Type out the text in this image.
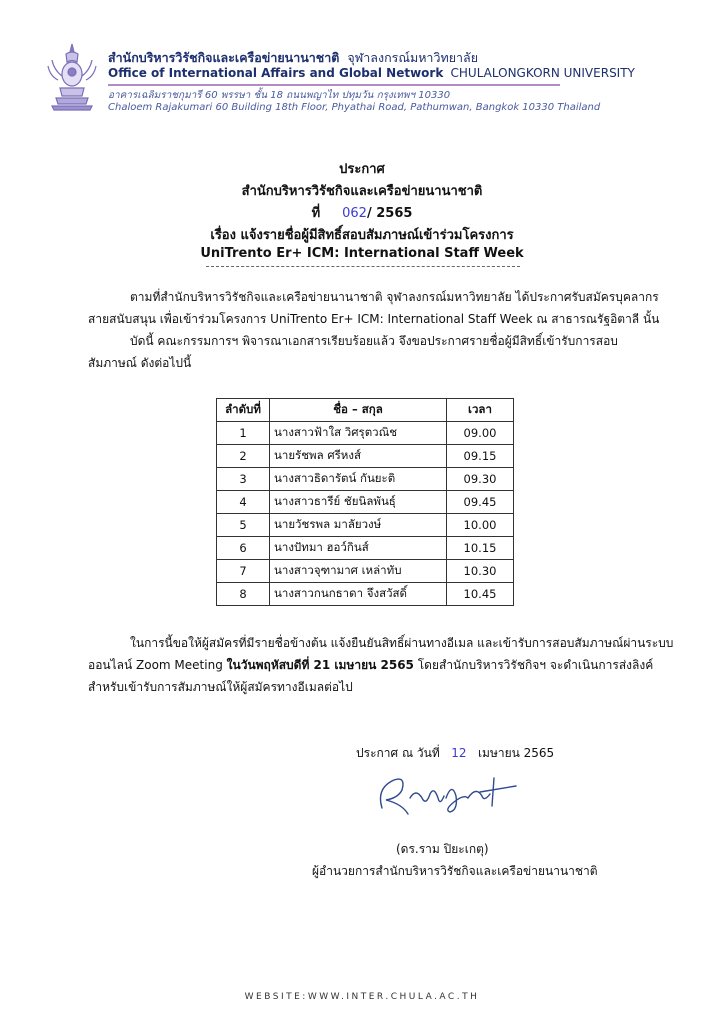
สำนักบริหารวิรัชกิจและเครือข่ายนานาชาติ จุฬาลงกรณ์มหาวิทยาลัย
Office of International Affairs and Global Network CHULALONGKORN UNIVERSITY
อาคารเฉลิมราชกุมารี 60 พรรษา ชั้น 18 ถนนพญาไท ปทุมวัน กรุงเทพฯ 10330
Chaloem Rajakumari 60 Building 18th Floor, Phyathai Road, Pathumwan, Bangkok 10330 Thailand
ประกาศ
สำนักบริหารวิรัชกิจและเครือข่ายนานาชาติ
ที่ 062/ 2565
เรื่อง แจ้งรายชื่อผู้มีสิทธิ์สอบสัมภาษณ์เข้าร่วมโครงการ
UniTrento Er+ ICM: International Staff Week
ตามที่สำนักบริหารวิรัชกิจและเครือข่ายนานาชาติ จุฬาลงกรณ์มหาวิทยาลัย ได้ประกาศรับสมัครบุคลากร
สายสนับสนุน เพื่อเข้าร่วมโครงการ UniTrento Er+ ICM: International Staff Week ณ สาธารณรัฐอิตาลี นั้น
บัดนี้ คณะกรรมการฯ พิจารณาเอกสารเรียบร้อยแล้ว จึงขอประกาศรายชื่อผู้มีสิทธิ์เข้ารับการสอบ
สัมภาษณ์ ดังต่อไปนี้
ลำดับที่	ชื่อ – สกุล	เวลา
1	นางสาวฟ้าใส วิศรุตวณิช	09.00
2	นายรัชพล ศรีหงส์	09.15
3	นางสาวธิดารัตน์ กันยะติ	09.30
4	นางสาวธารีย์ ชัยนิลพันธุ์	09.45
5	นายวัชรพล มาลัยวงษ์	10.00
6	นางปัทมา ฮอว์กินส์	10.15
7	นางสาวจุฑามาศ เหล่าทับ	10.30
8	นางสาวกนกธาดา จึงสวัสดิ์	10.45
ในการนี้ขอให้ผู้สมัครที่มีรายชื่อข้างต้น แจ้งยืนยันสิทธิ์ผ่านทางอีเมล และเข้ารับการสอบสัมภาษณ์ผ่านระบบ
ออนไลน์ Zoom Meeting ในวันพฤหัสบดีที่ 21 เมษายน 2565 โดยสำนักบริหารวิรัชกิจฯ จะดำเนินการส่งลิงค์
สำหรับเข้ารับการสัมภาษณ์ให้ผู้สมัครทางอีเมลต่อไป
ประกาศ ณ วันที่ 12 เมษายน 2565
(ดร.ราม ปิยะเกตุ)
ผู้อำนวยการสำนักบริหารวิรัชกิจและเครือข่ายนานาชาติ
WEBSITE:WWW.INTER.CHULA.AC.TH
